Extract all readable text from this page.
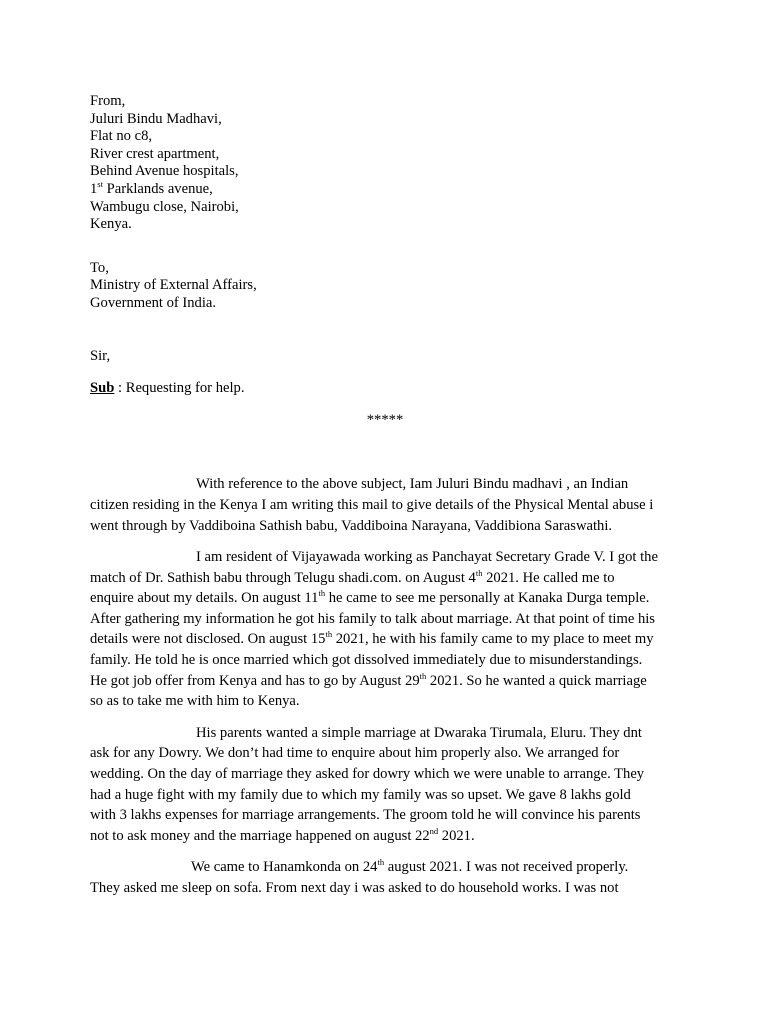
From,
Juluri Bindu Madhavi,
Flat no c8,
River crest apartment,
Behind Avenue hospitals,
1st Parklands avenue,
Wambugu close, Nairobi,
Kenya.
To,
Ministry of External Affairs,
Government of India.
Sir,
Sub : Requesting for help.
*****

With reference to the above subject, Iam Juluri Bindu madhavi , an Indian
citizen residing in the Kenya I am writing this mail to give details of the Physical Mental abuse i
went through by Vaddiboina Sathish babu, Vaddiboina Narayana, Vaddibiona Saraswathi.

I am resident of Vijayawada working as Panchayat Secretary Grade V. I got the
match of Dr. Sathish babu through Telugu shadi.com. on August 4th 2021. He called me to
enquire about my details. On august 11th he came to see me personally at Kanaka Durga temple.
After gathering my information he got his family to talk about marriage. At that point of time his
details were not disclosed. On august 15th 2021, he with his family came to my place to meet my
family. He told he is once married which got dissolved immediately due to misunderstandings.
He got job offer from Kenya and has to go by August 29th 2021. So he wanted a quick marriage
so as to take me with him to Kenya.

His parents wanted a simple marriage at Dwaraka Tirumala, Eluru. They dnt
ask for any Dowry. We don’t had time to enquire about him properly also. We arranged for
wedding. On the day of marriage they asked for dowry which we were unable to arrange. They
had a huge fight with my family due to which my family was so upset. We gave 8 lakhs gold
with 3 lakhs expenses for marriage arrangements. The groom told he will convince his parents
not to ask money and the marriage happened on august 22nd 2021.

We came to Hanamkonda on 24th august 2021. I was not received properly.
They asked me sleep on sofa. From next day i was asked to do household works. I was not
